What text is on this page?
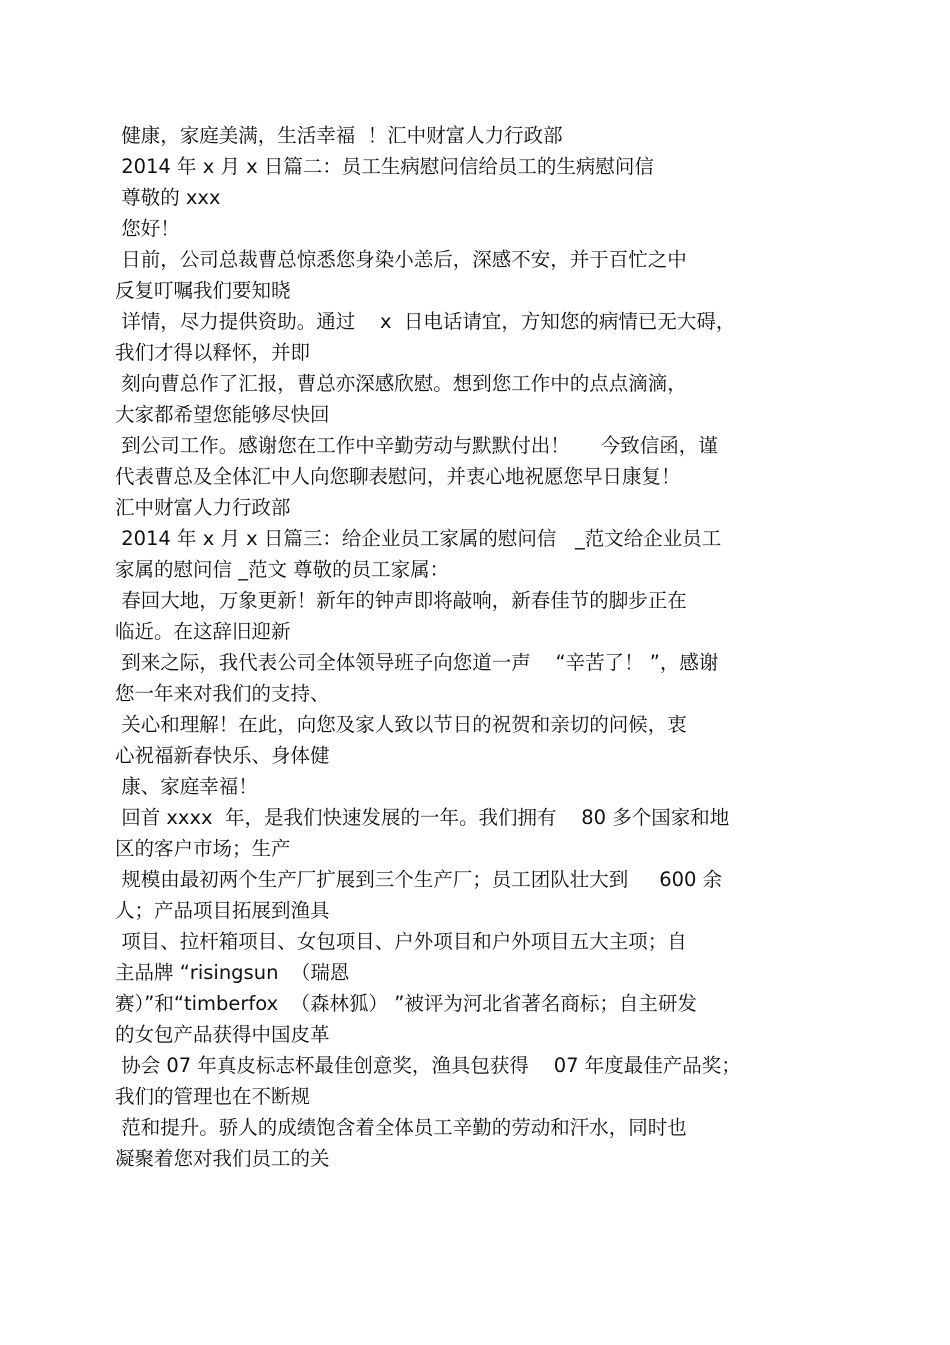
健康，家庭美满，生活幸福  ！汇中财富人力行政部
2014 年 x 月 x 日篇二：员工生病慰问信给员工的生病慰问信
尊敬的 xxx
您好！
日前，公司总裁曹总惊悉您身染小恙后，深感不安，并于百忙之中
反复叮嘱我们要知晓
详情，尽力提供资助。通过    x  日电话请宜，方知您的病情已无大碍，
我们才得以释怀，并即
刻向曹总作了汇报，曹总亦深感欣慰。想到您工作中的点点滴滴，
大家都希望您能够尽快回
到公司工作。感谢您在工作中辛勤劳动与默默付出！     今致信函，谨
代表曹总及全体汇中人向您聊表慰问，并衷心地祝愿您早日康复！
汇中财富人力行政部
2014 年 x 月 x 日篇三：给企业员工家属的慰问信   _范文给企业员工
家属的慰问信 _范文 尊敬的员工家属：
春回大地，万象更新！新年的钟声即将敲响，新春佳节的脚步正在
临近。在这辞旧迎新
到来之际，我代表公司全体领导班子向您道一声    “辛苦了！ ”，感谢
您一年来对我们的支持、
关心和理解！在此，向您及家人致以节日的祝贺和亲切的问候，衷
心祝福新春快乐、身体健
康、家庭幸福！
回首 xxxx  年，是我们快速发展的一年。我们拥有    80 多个国家和地
区的客户市场；生产
规模由最初两个生产厂扩展到三个生产厂；员工团队壮大到     600 余
人；产品项目拓展到渔具
项目、拉杆箱项目、女包项目、户外项目和户外项目五大主项；自
主品牌 “risingsun  （瑞恩
赛）”和“timberfox  （森林狐） ”被评为河北省著名商标；自主研发
的女包产品获得中国皮革
协会 07 年真皮标志杯最佳创意奖，渔具包获得    07 年度最佳产品奖；
我们的管理也在不断规
范和提升。骄人的成绩饱含着全体员工辛勤的劳动和汗水，同时也
凝聚着您对我们员工的关
